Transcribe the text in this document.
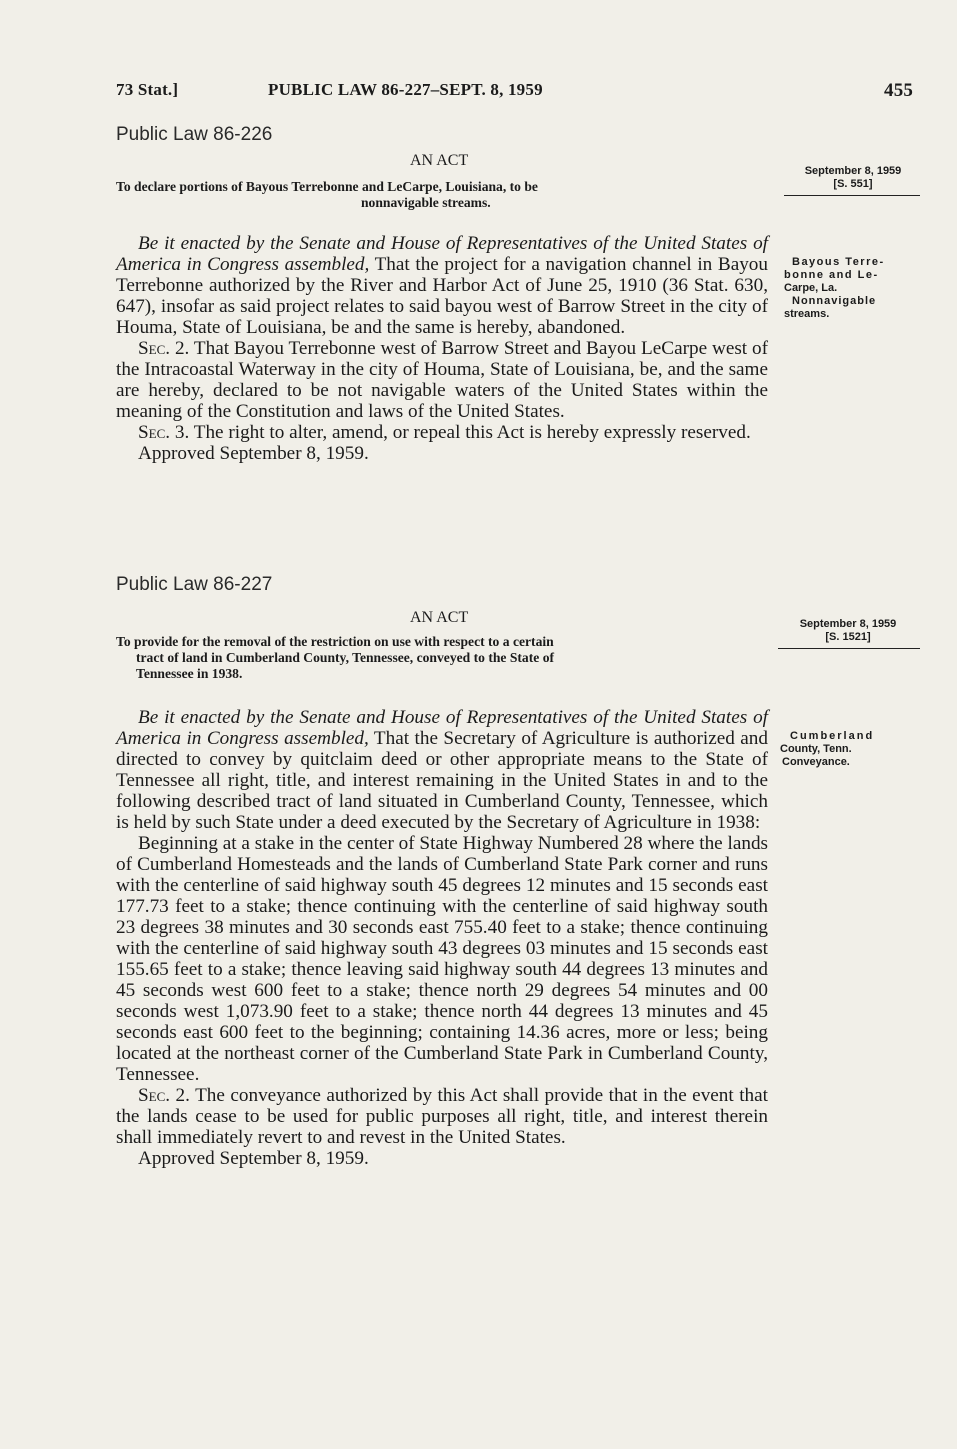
73 Stat.]	PUBLIC LAW 86-227–SEPT. 8, 1959	455
Public Law 86-226
AN ACT
To declare portions of Bayous Terrebonne and LeCarpe, Louisiana, to be
nonnavigable streams.
September 8, 1959
[S. 551]
Bayous Terre-
bonne and Le-
Carpe, La.
Nonnavigable
streams.

Be it enacted by the Senate and House of Representatives of the United States of America in Congress assembled, That the project for a navigation channel in Bayou Terrebonne authorized by the River and Harbor Act of June 25, 1910 (36 Stat. 630, 647), insofar as said project relates to said bayou west of Barrow Street in the city of Houma, State of Louisiana, be and the same is hereby, abandoned.

Sec. 2. That Bayou Terrebonne west of Barrow Street and Bayou LeCarpe west of the Intracoastal Waterway in the city of Houma, State of Louisiana, be, and the same are hereby, declared to be not navigable waters of the United States within the meaning of the Constitution and laws of the United States.

Sec. 3. The right to alter, amend, or repeal this Act is hereby expressly reserved.

Approved September 8, 1959.

Public Law 86-227
AN ACT
To provide for the removal of the restriction on use with respect to a certain
tract of land in Cumberland County, Tennessee, conveyed to the State of
Tennessee in 1938.
September 8, 1959
[S. 1521]
Cumberland
County, Tenn.
Conveyance.

Be it enacted by the Senate and House of Representatives of the United States of America in Congress assembled, That the Secretary of Agriculture is authorized and directed to convey by quitclaim deed or other appropriate means to the State of Tennessee all right, title, and interest remaining in the United States in and to the following described tract of land situated in Cumberland County, Tennessee, which is held by such State under a deed executed by the Secretary of Agriculture in 1938:

Beginning at a stake in the center of State Highway Numbered 28 where the lands of Cumberland Homesteads and the lands of Cumberland State Park corner and runs with the centerline of said highway south 45 degrees 12 minutes and 15 seconds east 177.73 feet to a stake; thence continuing with the centerline of said highway south 23 degrees 38 minutes and 30 seconds east 755.40 feet to a stake; thence continuing with the centerline of said highway south 43 degrees 03 minutes and 15 seconds east 155.65 feet to a stake; thence leaving said highway south 44 degrees 13 minutes and 45 seconds west 600 feet to a stake; thence north 29 degrees 54 minutes and 00 seconds west 1,073.90 feet to a stake; thence north 44 degrees 13 minutes and 45 seconds east 600 feet to the beginning; containing 14.36 acres, more or less; being located at the northeast corner of the Cumberland State Park in Cumberland County, Tennessee.

Sec. 2. The conveyance authorized by this Act shall provide that in the event that the lands cease to be used for public purposes all right, title, and interest therein shall immediately revert to and revest in the United States.

Approved September 8, 1959.
